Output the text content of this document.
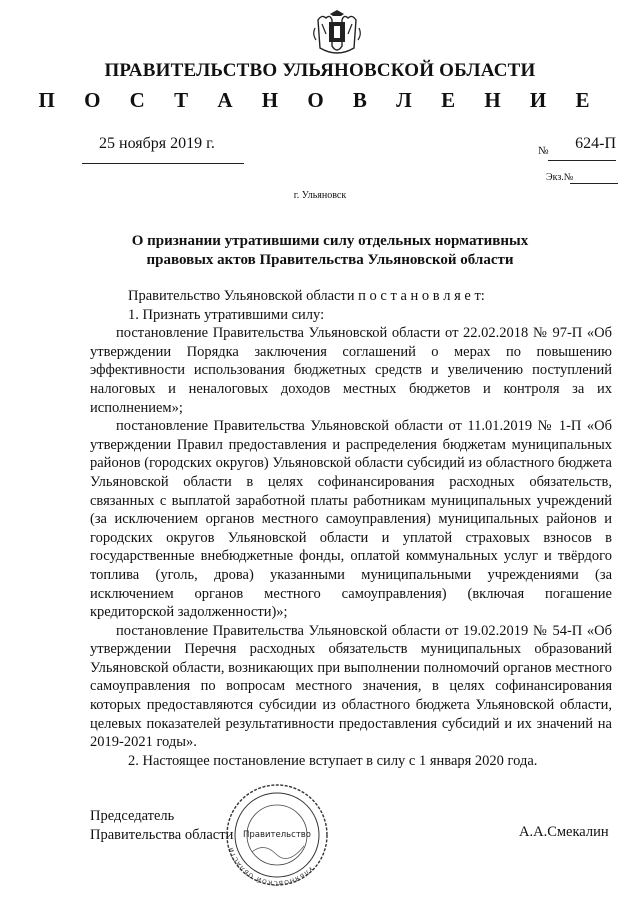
ПРАВИТЕЛЬСТВО УЛЬЯНОВСКОЙ ОБЛАСТИ
П О С Т А Н О В Л Е Н И Е
25 ноября 2019 г.	№	624-П
Экз.№
г. Ульяновск
О признании утратившими силу отдельных нормативных
правовых актов Правительства Ульяновской области

Правительство Ульяновской области п о с т а н о в л я е т:

1. Признать утратившими силу:

постановление Правительства Ульяновской области от 22.02.2018 № 97-П «Об утверждении Порядка заключения соглашений о мерах по повышению эффективности использования бюджетных средств и увеличению поступлений налоговых и неналоговых доходов местных бюджетов и контроля за их исполнением»;

постановление Правительства Ульяновской области от 11.01.2019 № 1-П «Об утверждении Правил предоставления и распределения бюджетам муниципальных районов (городских округов) Ульяновской области субсидий из областного бюджета Ульяновской области в целях софинансирования расходных обязательств, связанных с выплатой заработной платы работникам муниципальных учреждений (за исключением органов местного самоуправления) муниципальных районов и городских округов Ульяновской области и уплатой страховых взносов в государственные внебюджетные фонды, оплатой коммунальных услуг и твёрдого топлива (уголь, дрова) указанными муниципальными учреждениями (за исключением органов местного самоуправления) (включая погашение кредиторской задолженности)»;

постановление Правительства Ульяновской области от 19.02.2019 № 54-П «Об утверждении Перечня расходных обязательств муниципальных образований Ульяновской области, возникающих при выполнении полномочий органов местного самоуправления по вопросам местного значения, в целях софинансирования которых предоставляются субсидии из областного бюджета Ульяновской области, целевых показателей результативности предоставления субсидий и их значений на 2019-2021 годы».

2. Настоящее постановление вступает в силу с 1 января 2020 года.

Председатель
Правительства области	А.А.Смекалин
УЛЬЯНОВСКОЙ ОБЛАСТИ
Правительство
